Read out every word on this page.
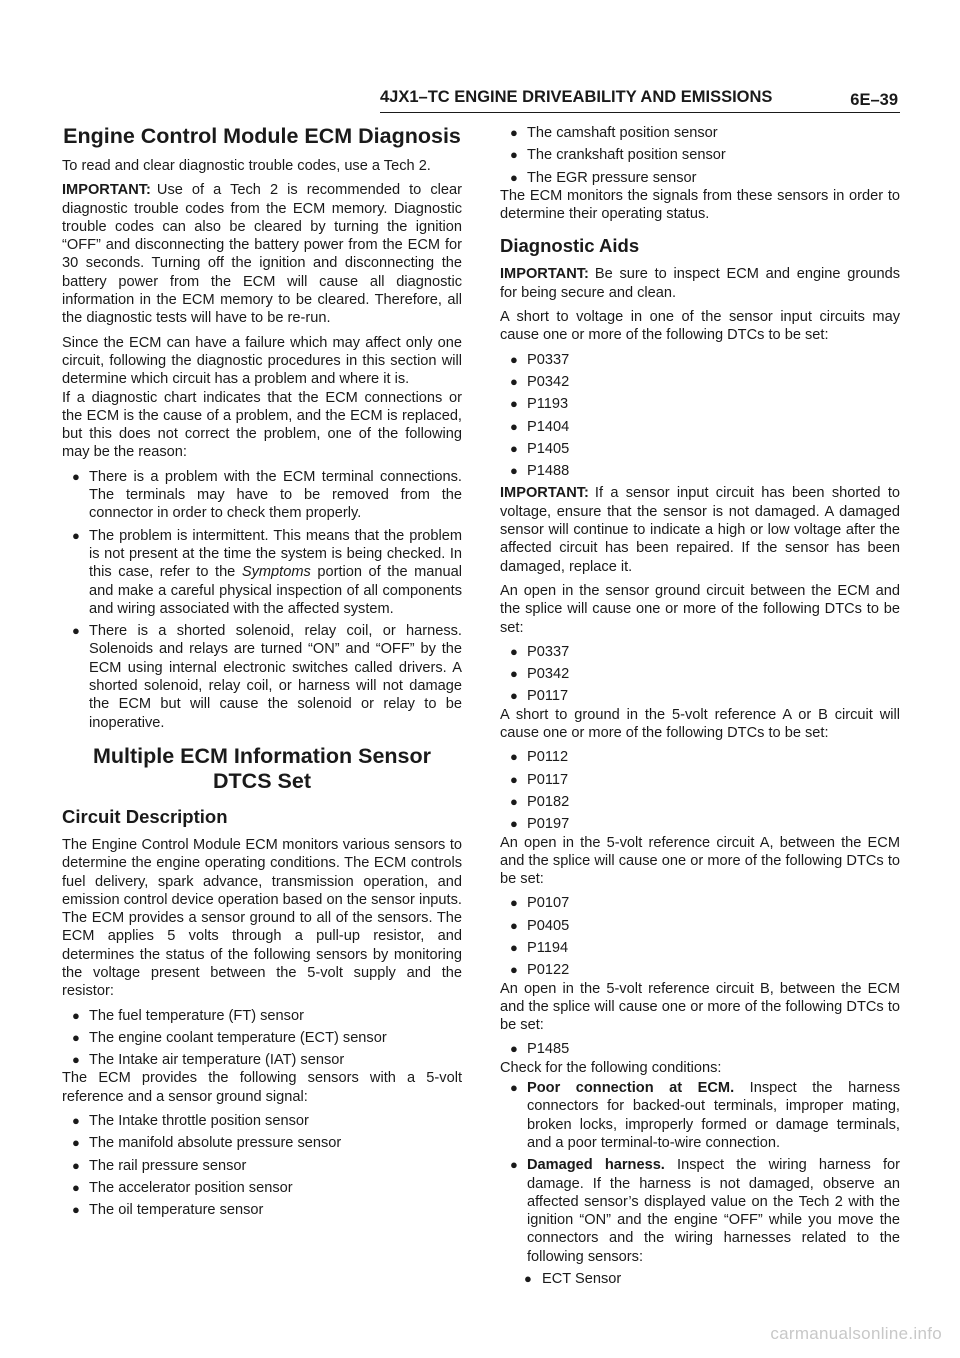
4JX1–TC ENGINE DRIVEABILITY AND EMISSIONS	6E–39
Engine Control Module ECM Diagnosis

To read and clear diagnostic trouble codes, use a Tech 2.

IMPORTANT: Use of a Tech 2 is recommended to clear diagnostic trouble codes from the ECM memory. Diagnostic trouble codes can also be cleared by turning the ignition “OFF” and disconnecting the battery power from the ECM for 30 seconds. Turning off the ignition and disconnecting the battery power from the ECM will cause all diagnostic information in the ECM memory to be cleared. Therefore, all the diagnostic tests will have to be re-run.

Since the ECM can have a failure which may affect only one circuit, following the diagnostic procedures in this section will determine which circuit has a problem and where it is.

If a diagnostic chart indicates that the ECM connections or the ECM is the cause of a problem, and the ECM is replaced, but this does not correct the problem, one of the following may be the reason:

● There is a problem with the ECM terminal connections. The terminals may have to be removed from the connector in order to check them properly.
● The problem is intermittent. This means that the problem is not present at the time the system is being checked. In this case, refer to the Symptoms portion of the manual and make a careful physical inspection of all components and wiring associated with the affected system.
● There is a shorted solenoid, relay coil, or harness. Solenoids and relays are turned “ON” and “OFF” by the ECM using internal electronic switches called drivers. A shorted solenoid, relay coil, or harness will not damage the ECM but will cause the solenoid or relay to be inoperative.
Multiple ECM Information Sensor DTCS Set
Circuit Description

The Engine Control Module ECM monitors various sensors to determine the engine operating conditions. The ECM controls fuel delivery, spark advance, transmission operation, and emission control device operation based on the sensor inputs.

The ECM provides a sensor ground to all of the sensors. The ECM applies 5 volts through a pull-up resistor, and determines the status of the following sensors by monitoring the voltage present between the 5-volt supply and the resistor:

● The fuel temperature (FT) sensor
● The engine coolant temperature (ECT) sensor
● The Intake air temperature (IAT) sensor

The ECM provides the following sensors with a 5-volt reference and a sensor ground signal:

● The Intake throttle position sensor
● The manifold absolute pressure sensor
● The rail pressure sensor
● The accelerator position sensor
● The oil temperature sensor
● The camshaft position sensor
● The crankshaft position sensor
● The EGR pressure sensor

The ECM monitors the signals from these sensors in order to determine their operating status.

Diagnostic Aids

IMPORTANT: Be sure to inspect ECM and engine grounds for being secure and clean.

A short to voltage in one of the sensor input circuits may cause one or more of the following DTCs to be set:

● P0337
● P0342
● P1193
● P1404
● P1405
● P1488

IMPORTANT: If a sensor input circuit has been shorted to voltage, ensure that the sensor is not damaged. A damaged sensor will continue to indicate a high or low voltage after the affected circuit has been repaired. If the sensor has been damaged, replace it.

An open in the sensor ground circuit between the ECM and the splice will cause one or more of the following DTCs to be set:

● P0337
● P0342
● P0117

A short to ground in the 5-volt reference A or B circuit will cause one or more of the following DTCs to be set:

● P0112
● P0117
● P0182
● P0197

An open in the 5-volt reference circuit A, between the ECM and the splice will cause one or more of the following DTCs to be set:

● P0107
● P0405
● P1194
● P0122

An open in the 5-volt reference circuit B, between the ECM and the splice will cause one or more of the following DTCs to be set:

● P1485

Check for the following conditions:

● Poor connection at ECM. Inspect the harness connectors for backed-out terminals, improper mating, broken locks, improperly formed or damage terminals, and a poor terminal-to-wire connection.
● Damaged harness. Inspect the wiring harness for damage. If the harness is not damaged, observe an affected sensor’s displayed value on the Tech 2 with the ignition “ON” and the engine “OFF” while you move the connectors and the wiring harnesses related to the following sensors:
● ECT Sensor
carmanualsonline.info
